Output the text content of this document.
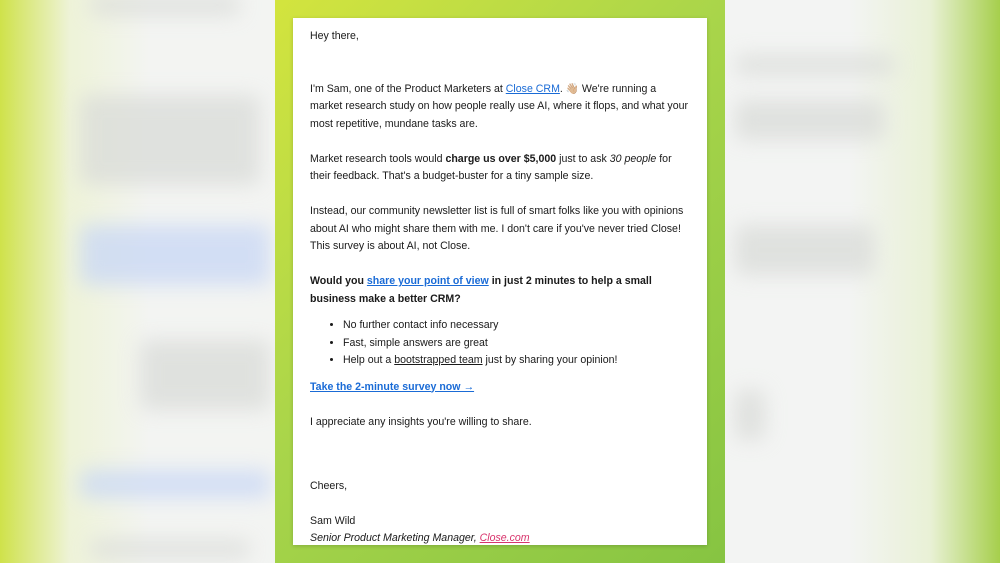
Hey there,

I'm Sam, one of the Product Marketers at Close CRM. 👋🏼 We're running a market research study on how people really use AI, where it flops, and what your most repetitive, mundane tasks are.

Market research tools would charge us over $5,000 just to ask 30 people for their feedback. That's a budget-buster for a tiny sample size.

Instead, our community newsletter list is full of smart folks like you with opinions about AI who might share them with me. I don't care if you've never tried Close! This survey is about AI, not Close.

Would you share your point of view in just 2 minutes to help a small business make a better CRM?

• No further contact info necessary
• Fast, simple answers are great
• Help out a bootstrapped team just by sharing your opinion!

Take the 2-minute survey now →

I appreciate any insights you're willing to share.

Cheers,

Sam Wild

Senior Product Marketing Manager, Close.com
